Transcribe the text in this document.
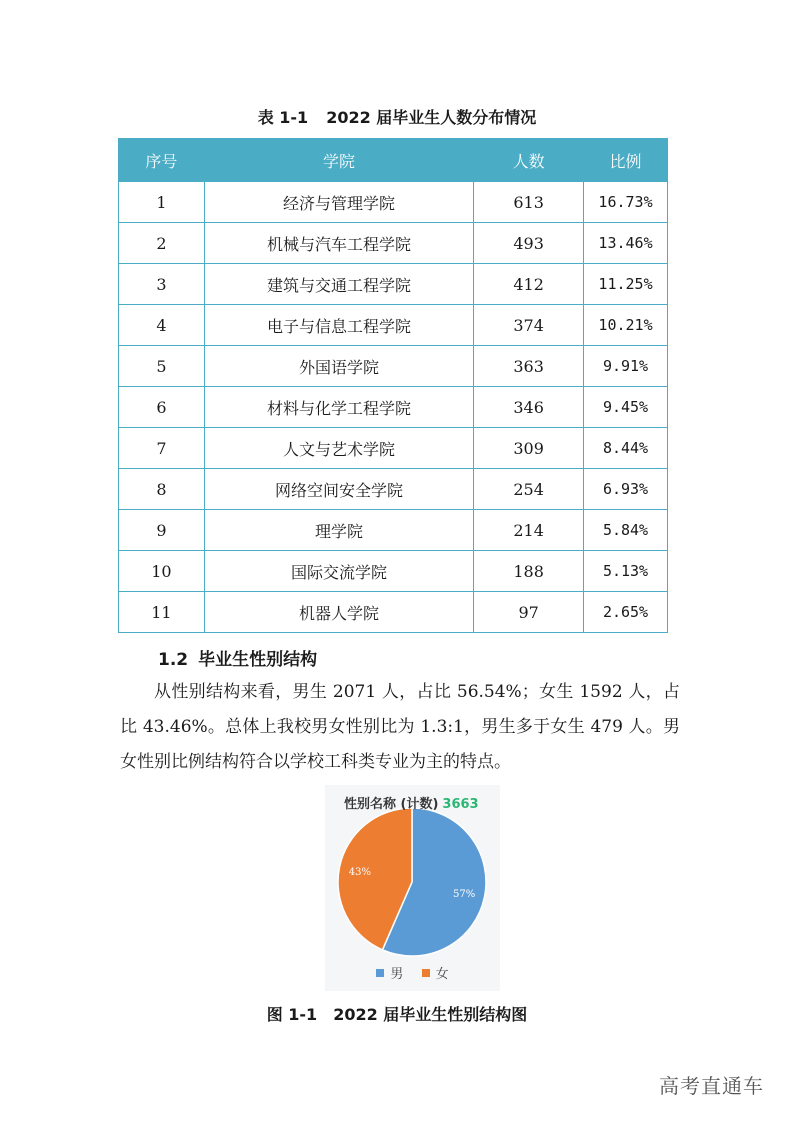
表 1-1 2022 届毕业生人数分布情况
序号	学院	人数	比例
1	经济与管理学院	613	16.73%
2	机械与汽车工程学院	493	13.46%
3	建筑与交通工程学院	412	11.25%
4	电子与信息工程学院	374	10.21%
5	外国语学院	363	9.91%
6	材料与化学工程学院	346	9.45%
7	人文与艺术学院	309	8.44%
8	网络空间安全学院	254	6.93%
9	理学院	214	5.84%
10	国际交流学院	188	5.13%
11	机器人学院	97	2.65%
1.2 毕业生性别结构
从性别结构来看，男生 2071 人，占比 56.54%；女生 1592 人，占比 43.46%。总体上我校男女性别比为 1.3:1，男生多于女生 479 人。男女性别比例结构符合以学校工科类专业为主的特点。
57%
43%
性别名称 (计数) 3663
男 女
图 1-1 2022 届毕业生性别结构图
高考直通车
